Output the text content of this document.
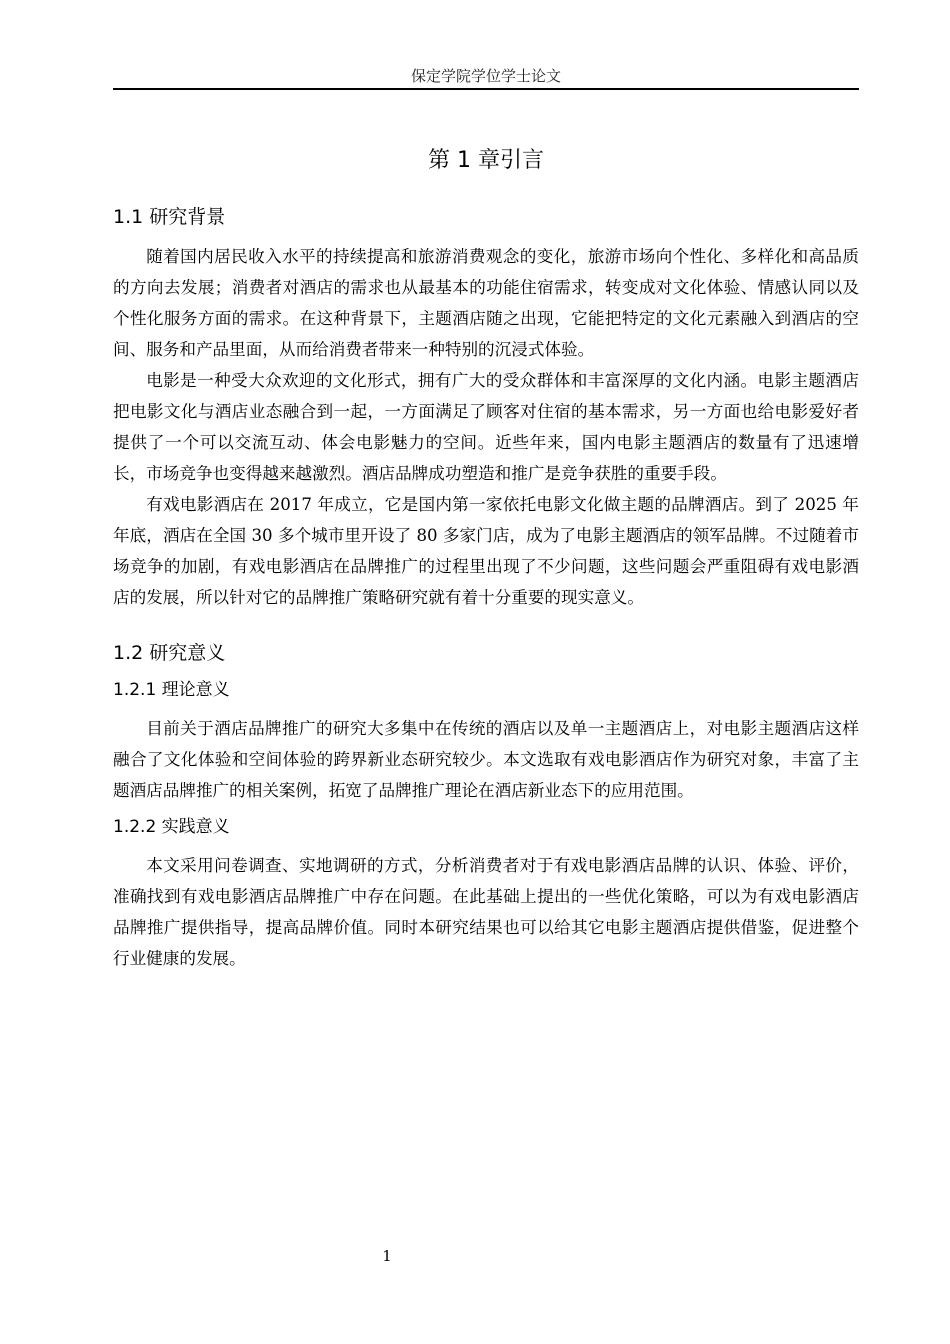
保定学院学位学士论文
第 1 章引言
1.1 研究背景

随着国内居民收入水平的持续提高和旅游消费观念的变化，旅游市场向个性化、多样化和高品质的方向去发展；消费者对酒店的需求也从最基本的功能住宿需求，转变成对文化体验、情感认同以及个性化服务方面的需求。在这种背景下，主题酒店随之出现，它能把特定的文化元素融入到酒店的空间、服务和产品里面，从而给消费者带来一种特别的沉浸式体验。

电影是一种受大众欢迎的文化形式，拥有广大的受众群体和丰富深厚的文化内涵。电影主题酒店把电影文化与酒店业态融合到一起，一方面满足了顾客对住宿的基本需求，另一方面也给电影爱好者提供了一个可以交流互动、体会电影魅力的空间。近些年来，国内电影主题酒店的数量有了迅速增长，市场竞争也变得越来越激烈。酒店品牌成功塑造和推广是竞争获胜的重要手段。

有戏电影酒店在 2017 年成立，它是国内第一家依托电影文化做主题的品牌酒店。到了 2025 年年底，酒店在全国 30 多个城市里开设了 80 多家门店，成为了电影主题酒店的领军品牌。不过随着市场竞争的加剧，有戏电影酒店在品牌推广的过程里出现了不少问题，这些问题会严重阻碍有戏电影酒店的发展，所以针对它的品牌推广策略研究就有着十分重要的现实意义。

1.2 研究意义
1.2.1 理论意义

目前关于酒店品牌推广的研究大多集中在传统的酒店以及单一主题酒店上，对电影主题酒店这样融合了文化体验和空间体验的跨界新业态研究较少。本文选取有戏电影酒店作为研究对象，丰富了主题酒店品牌推广的相关案例，拓宽了品牌推广理论在酒店新业态下的应用范围。

1.2.2 实践意义

本文采用问卷调查、实地调研的方式，分析消费者对于有戏电影酒店品牌的认识、体验、评价，准确找到有戏电影酒店品牌推广中存在问题。在此基础上提出的一些优化策略，可以为有戏电影酒店品牌推广提供指导，提高品牌价值。同时本研究结果也可以给其它电影主题酒店提供借鉴，促进整个行业健康的发展。

1
